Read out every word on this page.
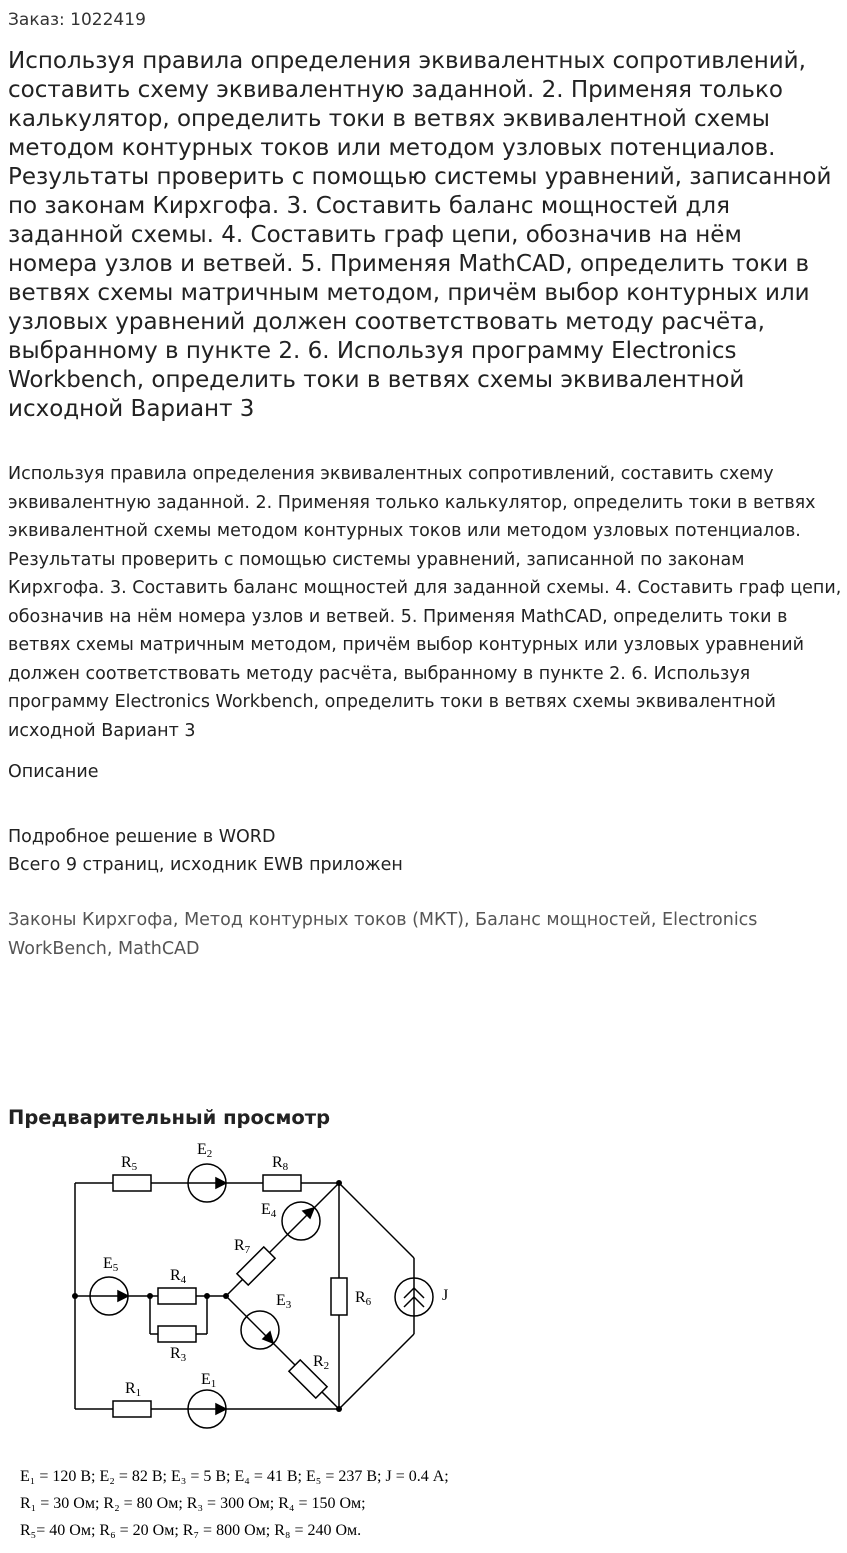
Заказ: 1022419
Используя правила определения эквивалентных сопротивлений, составить схему эквивалентную заданной. 2. Применяя только калькулятор, определить токи в ветвях эквивалентной схемы методом контурных токов или методом узловых потенциалов. Результаты проверить с помощью системы уравнений, записанной по законам Кирхгофа. 3. Составить баланс мощностей для заданной схемы. 4. Составить граф цепи, обозначив на нём номера узлов и ветвей. 5. Применяя MathCAD, определить токи в ветвях схемы матричным методом, причём выбор контурных или узловых уравнений должен соответствовать методу расчёта, выбранному в пункте 2. 6. Используя программу Electronics Workbench, определить токи в ветвях схемы эквивалентной исходной Вариант 3
Используя правила определения эквивалентных сопротивлений, составить схему эквивалентную заданной. 2. Применяя только калькулятор, определить токи в ветвях эквивалентной схемы методом контурных токов или методом узловых потенциалов. Результаты проверить с помощью системы уравнений, записанной по законам Кирхгофа. 3. Составить баланс мощностей для заданной схемы. 4. Составить граф цепи, обозначив на нём номера узлов и ветвей. 5. Применяя MathCAD, определить токи в ветвях схемы матричным методом, причём выбор контурных или узловых уравнений должен соответствовать методу расчёта, выбранному в пункте 2. 6. Используя программу Electronics Workbench, определить токи в ветвях схемы эквивалентной исходной Вариант 3
Описание
Подробное решение в WORD
Всего 9 страниц, исходник EWB приложен
Законы Кирхгофа, Метод контурных токов (МКТ), Баланс мощностей, Electronics WorkBench, MathCAD
Предварительный просмотр
R5
E2	R8
E4
R7
E5	R4
E3	R6	J
R3	R2
R1
E1
E₁ = 120 В; E₂ = 82 В; E₃ = 5 В; E₄ = 41 В; E₅ = 237 В; J = 0.4 А;
R₁ = 30 Ом; R₂ = 80 Ом; R₃ = 300 Ом; R₄ = 150 Ом;
R₅= 40 Ом; R₆ = 20 Ом; R₇ = 800 Ом; R₈ = 240 Ом.
